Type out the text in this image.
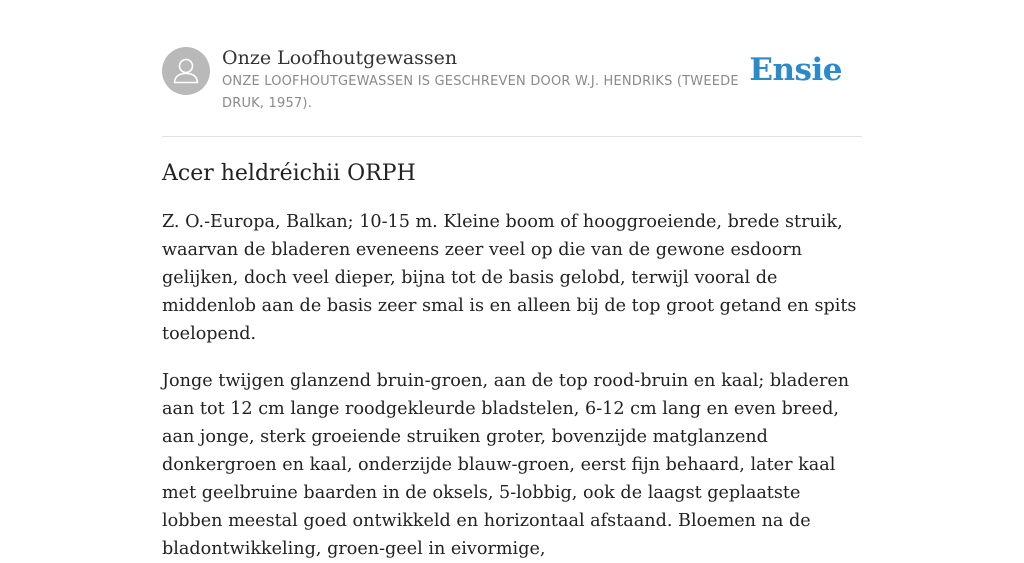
Onze Loofhoutgewassen
ONZE LOOFHOUTGEWASSEN IS GESCHREVEN DOOR W.J. HENDRIKS (TWEEDE DRUK, 1957).
Ensie
Acer heldréichii ORPH

Z. O.-Europa, Balkan; 10-15 m. Kleine boom of hooggroeiende, brede struik, waarvan de bladeren eveneens zeer veel op die van de gewone esdoorn gelijken, doch veel dieper, bijna tot de basis gelobd, terwijl vooral de middenlob aan de basis zeer smal is en alleen bij de top groot getand en spits toelopend.

Jonge twijgen glanzend bruin-groen, aan de top rood-bruin en kaal; bladeren aan tot 12 cm lange roodgekleurde bladstelen, 6-12 cm lang en even breed, aan jonge, sterk groeiende struiken groter, bovenzijde matglanzend donkergroen en kaal, onderzijde blauw-groen, eerst fijn behaard, later kaal met geelbruine baarden in de oksels, 5-lobbig, ook de laagst geplaatste lobben meestal goed ontwikkeld en horizontaal afstaand. Bloemen na de bladontwikkeling, groen-geel in eivormige,
